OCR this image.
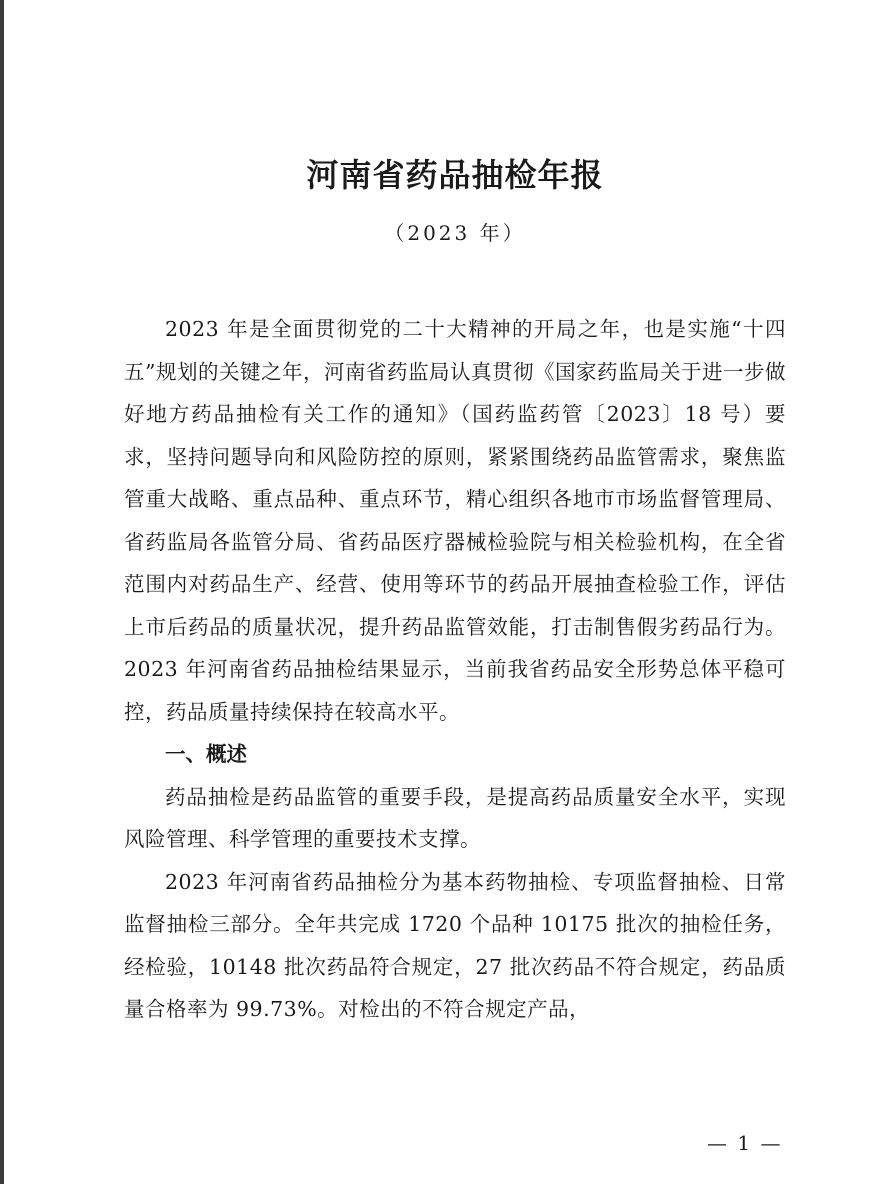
河南省药品抽检年报
（2023 年）

2023 年是全面贯彻党的二十大精神的开局之年，也是实施“十四五”规划的关键之年，河南省药监局认真贯彻《国家药监局关于进一步做好地方药品抽检有关工作的通知》（国药监药管〔2023〕18 号）要求，坚持问题导向和风险防控的原则，紧紧围绕药品监管需求，聚焦监管重大战略、重点品种、重点环节，精心组织各地市市场监督管理局、省药监局各监管分局、省药品医疗器械检验院与相关检验机构，在全省范围内对药品生产、经营、使用等环节的药品开展抽查检验工作，评估上市后药品的质量状况，提升药品监管效能，打击制售假劣药品行为。2023 年河南省药品抽检结果显示，当前我省药品安全形势总体平稳可控，药品质量持续保持在较高水平。

一、概述

药品抽检是药品监管的重要手段，是提高药品质量安全水平，实现风险管理、科学管理的重要技术支撑。

2023 年河南省药品抽检分为基本药物抽检、专项监督抽检、日常监督抽检三部分。全年共完成 1720 个品种 10175 批次的抽检任务，经检验，10148 批次药品符合规定，27 批次药品不符合规定，药品质量合格率为 99.73%。对检出的不符合规定产品，

— 1 —
